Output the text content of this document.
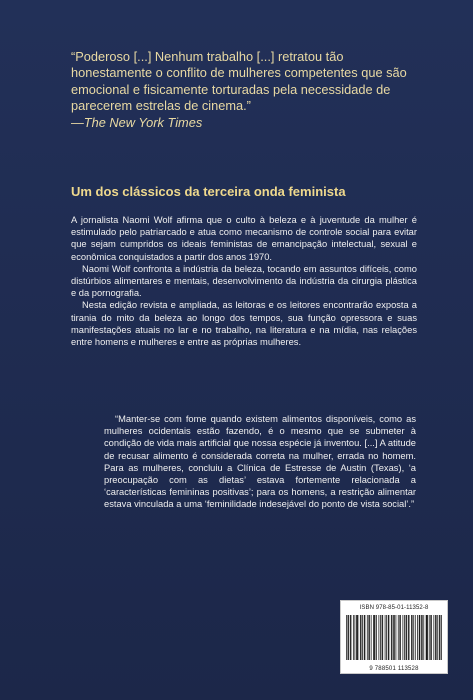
“Poderoso [...] Nenhum trabalho [...] retratou tão honestamente o conflito de mulheres competentes que são emocional e fisicamente torturadas pela necessidade de parecerem estrelas de cinema.”
—The New York Times
Um dos clássicos da terceira onda feminista

A jornalista Naomi Wolf afirma que o culto à beleza e à juventude da mulher é estimulado pelo patriarcado e atua como mecanismo de controle social para evitar que sejam cumpridos os ideais feministas de emancipação intelectual, sexual e econômica conquistados a partir dos anos 1970.

Naomi Wolf confronta a indústria da beleza, tocando em assuntos difíceis, como distúrbios alimentares e mentais, desenvolvimento da indústria da cirurgia plástica e da pornografia.

Nesta edição revista e ampliada, as leitoras e os leitores encontrarão exposta a tirania do mito da beleza ao longo dos tempos, sua função opressora e suas manifestações atuais no lar e no trabalho, na literatura e na mídia, nas relações entre homens e mulheres e entre as próprias mulheres.

“Manter-se com fome quando existem alimentos disponíveis, como as mulheres ocidentais estão fazendo, é o mesmo que se submeter à condição de vida mais artificial que nossa espécie já inventou. [...] A atitude de recusar alimento é considerada correta na mulher, errada no homem. Para as mulheres, concluiu a Clínica de Estresse de Austin (Texas), ‘a preocupação com as dietas’ estava fortemente relacionada a ‘características femininas positivas’; para os homens, a restrição alimentar estava vinculada a uma ‘feminilidade indesejável do ponto de vista social’.”
ISBN 978-85-01-11352-8
9 788501 113528
